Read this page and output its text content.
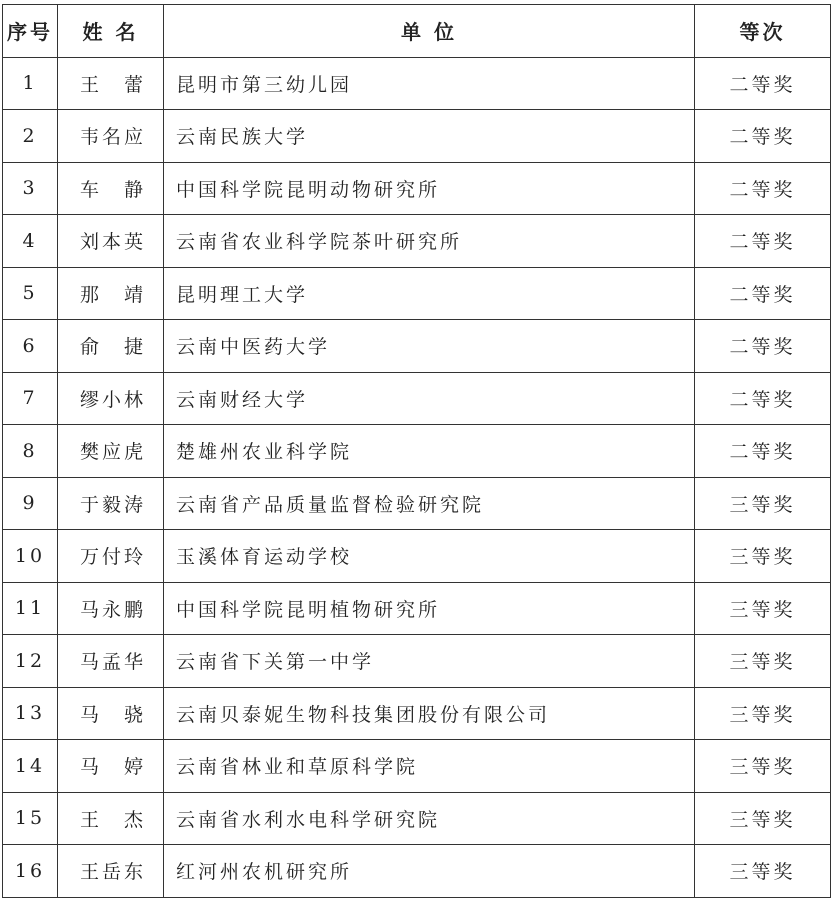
序号	姓 名	单 位	等次
1	王　蕾	昆明市第三幼儿园	二等奖
2	韦名应	云南民族大学	二等奖
3	车　静	中国科学院昆明动物研究所	二等奖
4	刘本英	云南省农业科学院茶叶研究所	二等奖
5	那　靖	昆明理工大学	二等奖
6	俞　捷	云南中医药大学	二等奖
7	缪小林	云南财经大学	二等奖
8	樊应虎	楚雄州农业科学院	二等奖
9	于毅涛	云南省产品质量监督检验研究院	三等奖
10	万付玲	玉溪体育运动学校	三等奖
11	马永鹏	中国科学院昆明植物研究所	三等奖
12	马孟华	云南省下关第一中学	三等奖
13	马　骁	云南贝泰妮生物科技集团股份有限公司	三等奖
14	马　婷	云南省林业和草原科学院	三等奖
15	王　杰	云南省水利水电科学研究院	三等奖
16	王岳东	红河州农机研究所	三等奖
